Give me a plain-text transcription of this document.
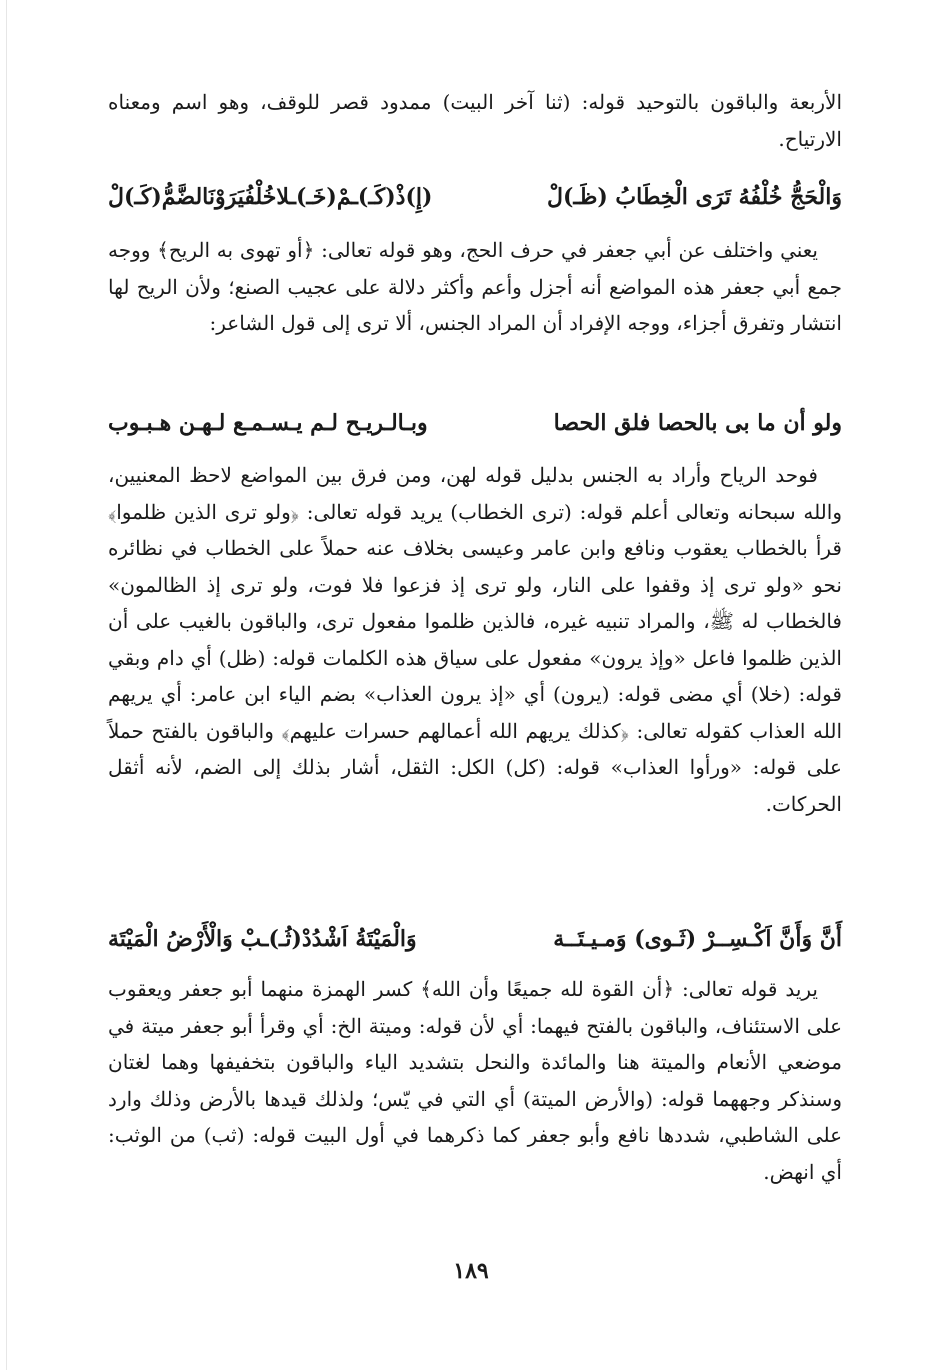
الأربعة والباقون بالتوحيد قوله: (ثنا آخر البيت) ممدود قصر للوقف، وهو اسم ومعناه الارتياح.

وَالْحَجُّ خُلْفُهُ تَرَى الْخِطَابُ (ظَـ)لْ
(إِ)ذْ(كَـ)ـمْ(خَـ)ـلاخُلْفُيَرَوْنَالضَّمُّ(كَـ)لْ

يعني واختلف عن أبي جعفر في حرف الحج، وهو قوله تعالى: ﴿أو تهوى به الريح﴾ ووجه جمع أبي جعفر هذه المواضع أنه أجزل وأعم وأكثر دلالة على عجيب الصنع؛ ولأن الريح لها انتشار وتفرق أجزاء، ووجه الإفراد أن المراد الجنس، ألا ترى إلى قول الشاعر:

ولو أن ما بى بالحصا فلق الحصا
وبـالـريـح لـم يـسـمـع لـهـن هـبـوب

فوحد الرياح وأراد به الجنس بدليل قوله لهن، ومن فرق بين المواضع لاحظ المعنيين، والله سبحانه وتعالى أعلم قوله: (ترى الخطاب) يريد قوله تعالى: ﴿ولو ترى الذين ظلموا﴾ قرأ بالخطاب يعقوب ونافع وابن عامر وعيسى بخلاف عنه حملاً على الخطاب في نظائره نحو «ولو ترى إذ وقفوا على النار، ولو ترى إذ فزعوا فلا فوت، ولو ترى إذ الظالمون» فالخطاب له ﷺ، والمراد تنبيه غيره، فالذين ظلموا مفعول ترى، والباقون بالغيب على أن الذين ظلموا فاعل «وإذ يرون» مفعول على سياق هذه الكلمات قوله: (ظل) أي دام وبقي قوله: (خلا) أي مضى قوله: (يرون) أي «إذ يرون العذاب» بضم الياء ابن عامر: أي يريهم الله العذاب كقوله تعالى: ﴿كذلك يريهم الله أعمالهم حسرات عليهم﴾ والباقون بالفتح حملاً على قوله: «ورأوا العذاب» قوله: (كل) الكل: الثقل، أشار بذلك إلى الضم، لأنه أثقل الحركات.

أَنَّ وَأَنَّ اَكْـسِــرْ (ثَـوى) وَمـيـتَــة
وَالْمَيْتَةُ اَشْدُدْ(ثُـ)ـبْ وَالْأَرْضُ الْمَيْتَة

يريد قوله تعالى: ﴿أن القوة لله جميعًا وأن الله﴾ كسر الهمزة منهما أبو جعفر ويعقوب على الاستئناف، والباقون بالفتح فيهما: أي لأن قوله: وميتة الخ: أي وقرأ أبو جعفر ميتة في موضعي الأنعام والميتة هنا والمائدة والنحل بتشديد الياء والباقون بتخفيفها وهما لغتان وسنذكر وجههما قوله: (والأرض الميتة) أي التي في يّس؛ ولذلك قيدها بالأرض وذلك وارد على الشاطبي، شددها نافع وأبو جعفر كما ذكرهما في أول البيت قوله: (ثب) من الوثب: أي انهض.

١٨٩
